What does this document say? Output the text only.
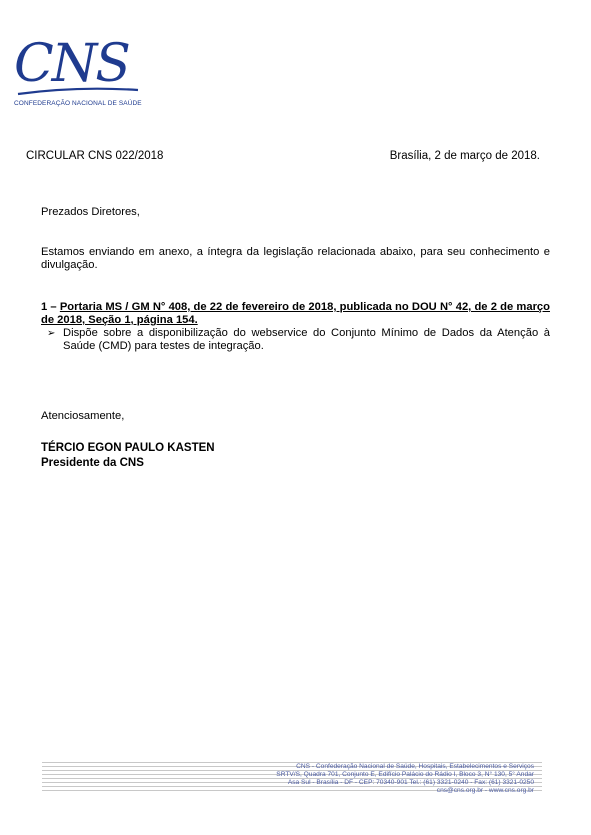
CNS
CONFEDERAÇÃO NACIONAL DE SAÚDE
CIRCULAR CNS 022/2018	Brasília, 2 de março de 2018.
Prezados Diretores,
Estamos enviando em anexo, a íntegra da legislação relacionada abaixo, para seu conhecimento e divulgação.
1 – Portaria MS / GM N° 408, de 22 de fevereiro de 2018, publicada no DOU N° 42, de 2 de março de 2018, Seção 1, página 154.
➢ Dispõe sobre a disponibilização do webservice do Conjunto Mínimo de Dados da Atenção à Saúde (CMD) para testes de integração.
Atenciosamente,
TÉRCIO EGON PAULO KASTEN
Presidente da CNS
CNS - Confederação Nacional de Saúde, Hospitais, Estabelecimentos e Serviços
SRTV/S, Quadra 701, Conjunto E, Edifício Palácio do Rádio I, Bloco 3, N° 130, 5° Andar
Asa Sul - Brasília - DF - CEP: 70340-901 Tel.: (61) 3321-0240 - Fax: (61) 3321-0250
cns@cns.org.br - www.cns.org.br
